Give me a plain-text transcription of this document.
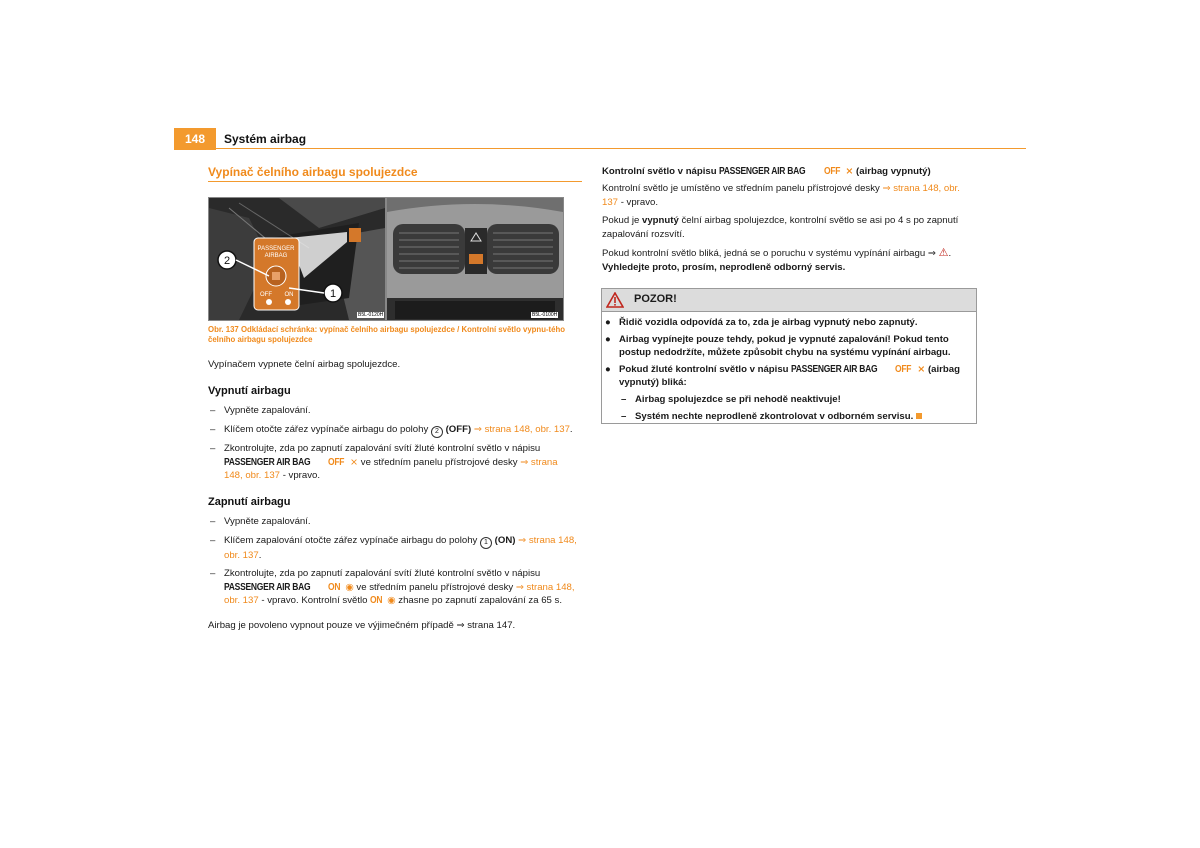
148	Systém airbag
Vypínač čelního airbagu spolujezdce
PASSENGER
AIRBAG
OFF ON
2
1
B5L-0120H	B5L-0100H
Obr. 137 Odkládací schránka: vypínač čelního airbagu spolujezdce / Kontrolní světlo vypnu-tého čelního airbagu spolujezdce
Vypínačem vypnete čelní airbag spolujezdce.
Vypnutí airbagu
– Vypněte zapalování.
– Klíčem otočte zářez vypínače airbagu do polohy 2 (OFF) ⇒ strana 148, obr. 137.
– Zkontrolujte, zda po zapnutí zapalování svítí žluté kontrolní světlo v nápisu
PASSENGER AIR BAG OFF ⨯ ve středním panelu přístrojové desky ⇒ strana 148, obr. 137 - vpravo.
Zapnutí airbagu
– Vypněte zapalování.
– Klíčem zapalování otočte zářez vypínače airbagu do polohy 1 (ON) ⇒ strana 148, obr. 137.
– Zkontrolujte, zda po zapnutí zapalování svítí žluté kontrolní světlo v nápisu
PASSENGER AIR BAG ON ◉ ve středním panelu přístrojové desky ⇒ strana 148, obr. 137 - vpravo. Kontrolní světlo ON ◉ zhasne po zapnutí zapalování za 65 s.
Airbag je povoleno vypnout pouze ve výjimečném případě ⇒ strana 147.
Kontrolní světlo v nápisu PASSENGER AIR BAG OFF ⨯ (airbag vypnutý)
Kontrolní světlo je umístěno ve středním panelu přístrojové desky ⇒ strana 148, obr. 137 - vpravo.
Pokud je vypnutý čelní airbag spolujezdce, kontrolní světlo se asi po 4 s po zapnutí zapalování rozsvítí.
Pokud kontrolní světlo bliká, jedná se o poruchu v systému vypínání airbagu ⇒ ⚠.
Vyhledejte proto, prosím, neprodleně odborný servis.
POZOR!
● Řidič vozidla odpovídá za to, zda je airbag vypnutý nebo zapnutý.
● Airbag vypínejte pouze tehdy, pokud je vypnuté zapalování! Pokud tento postup nedodržíte, můžete způsobit chybu na systému vypínání airbagu.
● Pokud žluté kontrolní světlo v nápisu PASSENGER AIR BAG OFF ⨯ (airbag
vypnutý) bliká:
– Airbag spolujezdce se při nehodě neaktivuje!
– Systém nechte neprodleně zkontrolovat v odborném servisu.
